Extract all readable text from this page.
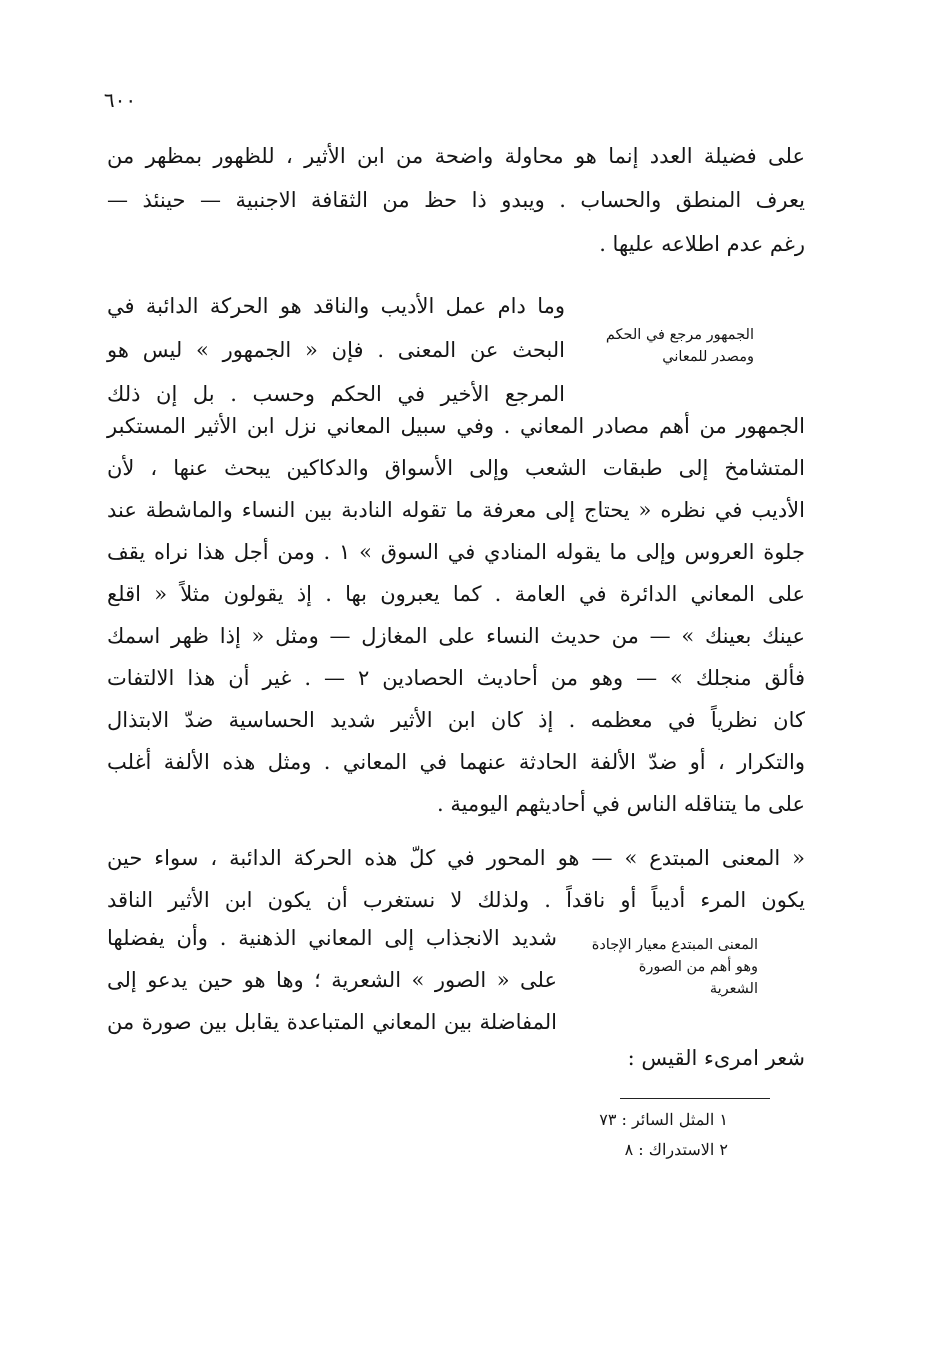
٦٠٠
على فضيلة العدد إنما هو محاولة واضحة من ابن الأثير ، للظهور بمظهر من
يعرف المنطق والحساب . ويبدو ذا حظ من الثقافة الاجنبية — حينئذ —
رغم عدم اطلاعه عليها .
الجمهور مرجع في الحكم
ومصدر للمعاني
وما دام عمل الأديب والناقد هو الحركة الدائبة في
البحث عن المعنى . فإن « الجمهور » ليس هو
المرجع الأخير في الحكم وحسب . بل إن ذلك
الجمهور من أهم مصادر المعاني . وفي سبيل المعاني نزل ابن الأثير المستكبر
المتشامخ إلى طبقات الشعب وإلى الأسواق والدكاكين يبحث عنها ، لأن
الأديب في نظره « يحتاج إلى معرفة ما تقوله النادبة بين النساء والماشطة عند
جلوة العروس وإلى ما يقوله المنادي في السوق » ١ . ومن أجل هذا نراه يقف
على المعاني الدائرة في العامة . كما يعبرون بها . إذ يقولون مثلاً « اقلع
عينك بعينك » — من حديث النساء على المغازل — ومثل « إذا ظهر اسمك
فألق منجلك » — وهو من أحاديث الحصادين ٢ — . غير أن هذا الالتفات
كان نظرياً في معظمه . إذ كان ابن الأثير شديد الحساسية ضدّ الابتذال
والتكرار ، أو ضدّ الألفة الحادثة عنهما في المعاني . ومثل هذه الألفة أغلب
على ما يتناقله الناس في أحاديثهم اليومية .
« المعنى المبتدع » — هو المحور في كلّ هذه الحركة الدائبة ، سواء حين
يكون المرء أديباً أو ناقداً . ولذلك لا نستغرب أن يكون ابن الأثير الناقد
المعنى المبتدع معيار الإجادة
وهو أهم من الصورة
الشعرية
شديد الانجذاب إلى المعاني الذهنية . وأن يفضلها
على « الصور » الشعرية ؛ وها هو حين يدعو إلى
المفاضلة بين المعاني المتباعدة يقابل بين صورة من
شعر امرىء القيس :
١ المثل السائر : ٧٣
٢ الاستدراك : ٨
